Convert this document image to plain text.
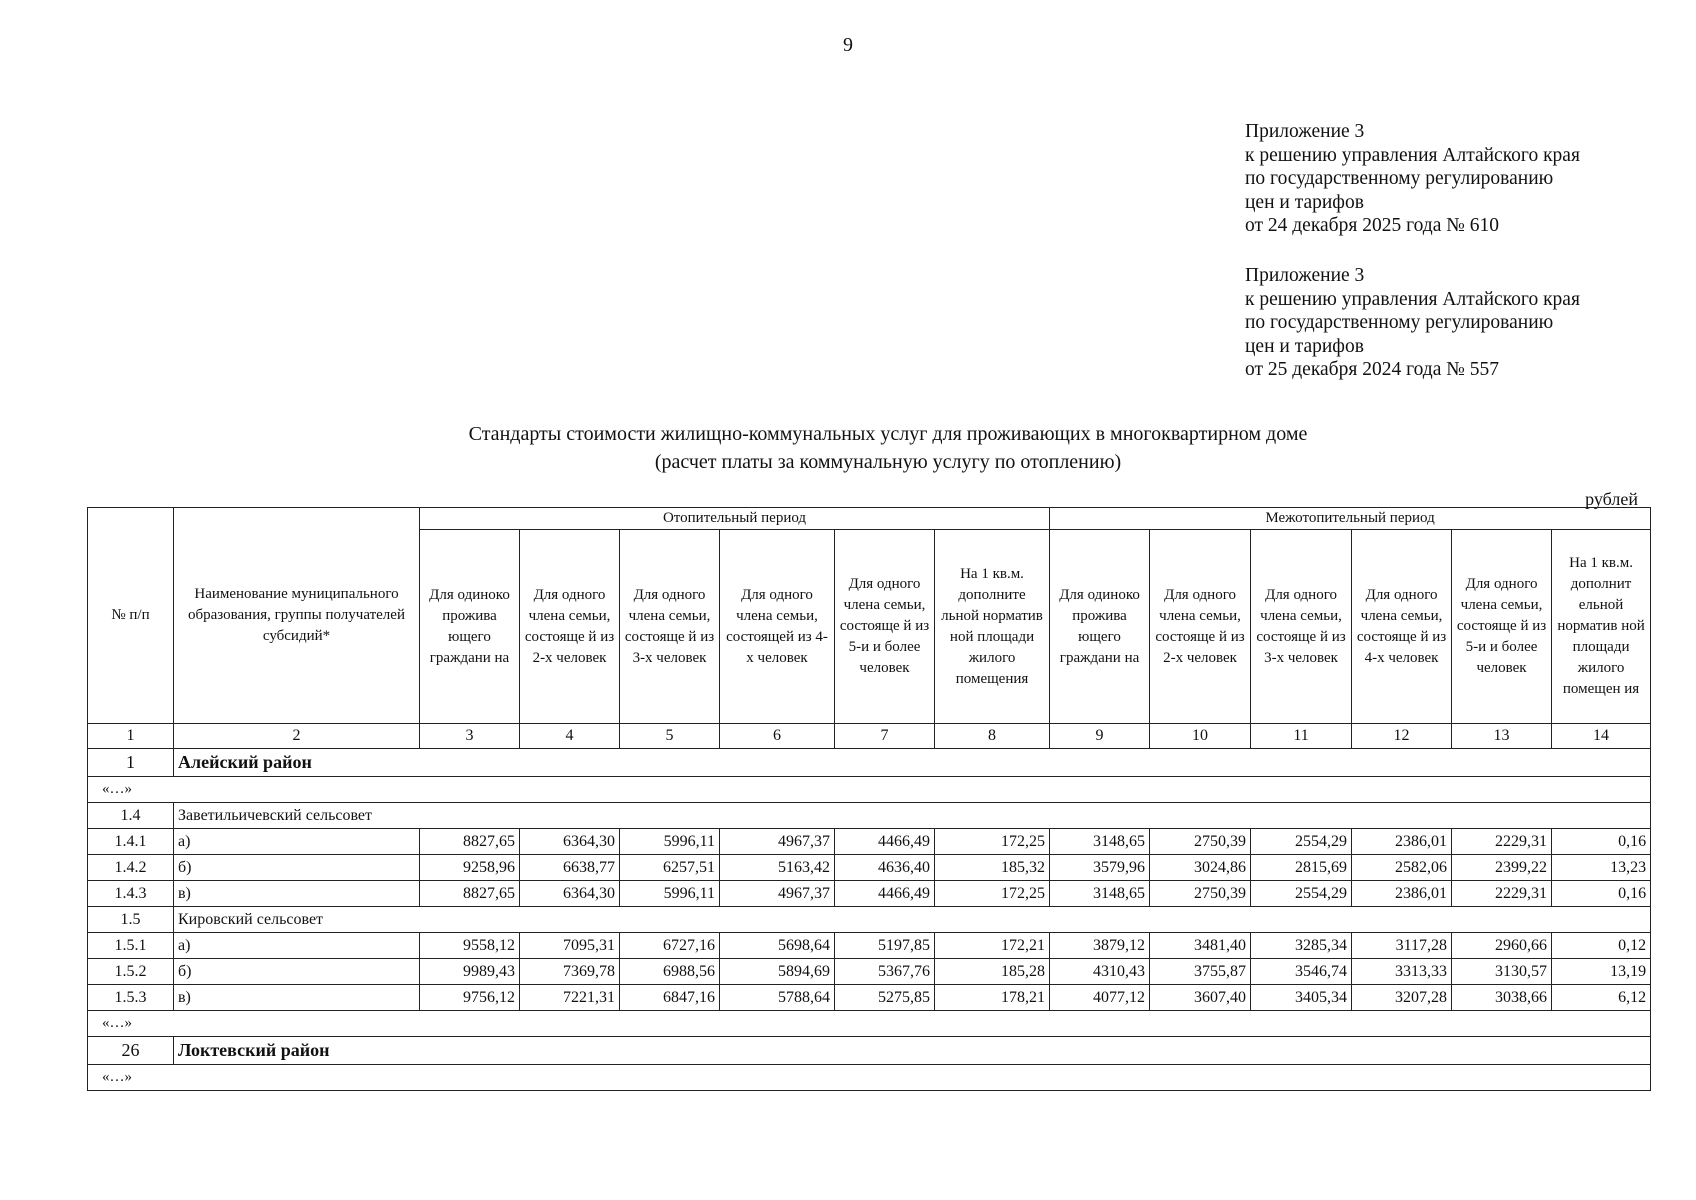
9
Приложение 3
к решению управления Алтайского края
по государственному регулированию
цен и тарифов
от 24 декабря 2025 года № 610
Приложение 3
к решению управления Алтайского края
по государственному регулированию
цен и тарифов
от 25 декабря 2024 года № 557
Стандарты стоимости жилищно-коммунальных услуг для проживающих в многоквартирном доме
(расчет платы за коммунальную услугу по отоплению)
рублей
№ п/п	Наименование муниципального образования, группы получателей субсидий*	Отопительный период						Межотопительный период					
		Для одиноко прожива ющего граждани на	Для одного члена семьи, состояще й из 2-х человек	Для одного члена семьи, состояще й из 3-х человек	Для одного члена семьи, состоящей из 4-х человек	Для одного члена семьи, состояще й из 5-и и более человек	На 1 кв.м. дополните льной норматив ной площади жилого помещения	Для одиноко прожива ющего граждани на	Для одного члена семьи, состояще й из 2-х человек	Для одного члена семьи, состояще й из 3-х человек	Для одного члена семьи, состояще й из 4-х человек	Для одного члена семьи, состояще й из 5-и и более человек	На 1 кв.м. дополнит ельной норматив ной площади жилого помещен ия
1	2	3	4	5	6	7	8	9	10	11	12	13	14
1	Алейский район												
«…»													
1.4	Заветильичевский сельсовет												
1.4.1	а)	8827,65	6364,30	5996,11	4967,37	4466,49	172,25	3148,65	2750,39	2554,29	2386,01	2229,31	0,16
1.4.2	б)	9258,96	6638,77	6257,51	5163,42	4636,40	185,32	3579,96	3024,86	2815,69	2582,06	2399,22	13,23
1.4.3	в)	8827,65	6364,30	5996,11	4967,37	4466,49	172,25	3148,65	2750,39	2554,29	2386,01	2229,31	0,16
1.5	Кировский сельсовет												
1.5.1	а)	9558,12	7095,31	6727,16	5698,64	5197,85	172,21	3879,12	3481,40	3285,34	3117,28	2960,66	0,12
1.5.2	б)	9989,43	7369,78	6988,56	5894,69	5367,76	185,28	4310,43	3755,87	3546,74	3313,33	3130,57	13,19
1.5.3	в)	9756,12	7221,31	6847,16	5788,64	5275,85	178,21	4077,12	3607,40	3405,34	3207,28	3038,66	6,12
«…»													
26	Локтевский район												
«…»													
